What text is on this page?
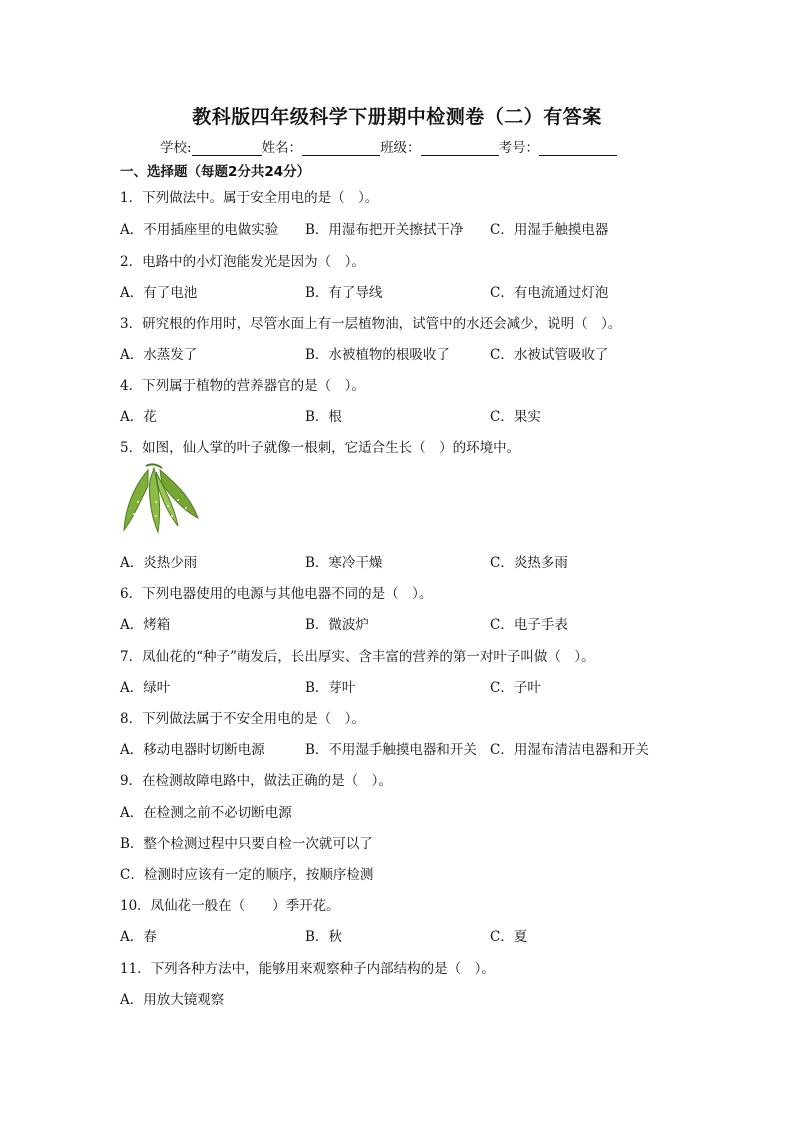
教科版四年级科学下册期中检测卷（二）有答案
学校:	姓名：	班级：	考号：
一、选择题（每题2分共24分）
1．下列做法中。属于安全用电的是（　）。
A．不用插座里的电做实验 B．用湿布把开关擦拭干净 C．用湿手触摸电器
2．电路中的小灯泡能发光是因为（　）。
A．有了电池	B．有了导线	C．有电流通过灯泡
3．研究根的作用时，尽管水面上有一层植物油，试管中的水还会减少，说明（　）。
A．水蒸发了	B．水被植物的根吸收了	C．水被试管吸收了
4．下列属于植物的营养器官的是（　）。
A．花	B．根	C．果实
5．如图，仙人掌的叶子就像一根刺，它适合生长（　）的环境中。
A．炎热少雨	B．寒冷干燥	C．炎热多雨
6．下列电器使用的电源与其他电器不同的是（　）。
A．烤箱	B．微波炉	C．电子手表
7．凤仙花的“种子”萌发后，长出厚实、含丰富的营养的第一对叶子叫做（　）。
A．绿叶	B．芽叶	C．子叶
8．下列做法属于不安全用电的是（　）。
A．移动电器时切断电源	B．不用湿手触摸电器和开关 C．用湿布清洁电器和开关
9．在检测故障电路中，做法正确的是（　）。
A．在检测之前不必切断电源
B．整个检测过程中只要自检一次就可以了
C．检测时应该有一定的顺序，按顺序检测
10．凤仙花一般在（　　）季开花。
A．春	B．秋	C．夏
11．下列各种方法中，能够用来观察种子内部结构的是（　）。
A．用放大镜观察
